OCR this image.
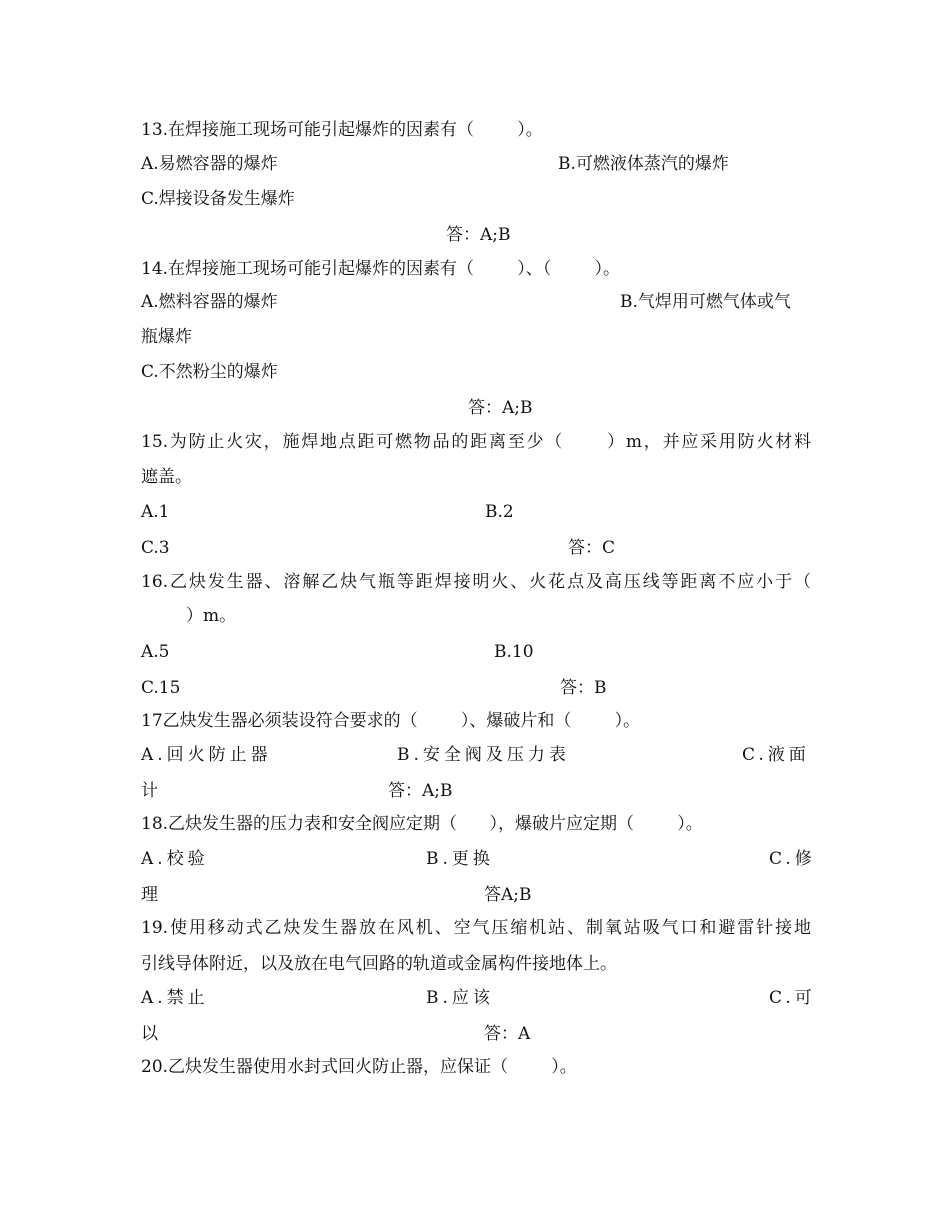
13.在焊接施工现场可能引起爆炸的因素有（        ）。
A.易燃容器的爆炸	B.可燃液体蒸汽的爆炸
C.焊接设备发生爆炸
答：A;B
14.在焊接施工现场可能引起爆炸的因素有（        ）、（        ）。
A.燃料容器的爆炸	B.气焊用可燃气体或气
瓶爆炸
C.不然粉尘的爆炸
答：A;B
15.为防止火灾，施焊地点距可燃物品的距离至少（      ）m，并应采用防火材料
遮盖。
A.1	B.2
C.3	答：C
16.乙炔发生器、溶解乙炔气瓶等距焊接明火、火花点及高压线等距离不应小于（
）m。
A.5	B.10
C.15	答：B
17乙炔发生器必须装设符合要求的（        ）、爆破片和（        ）。
A.回火防止器	B.安全阀及压力表	C.液面
计	答：A;B
18.乙炔发生器的压力表和安全阀应定期（      ），爆破片应定期（        ）。
A.校验	B.更换	C.修
理	答A;B
19.使用移动式乙炔发生器放在风机、空气压缩机站、制氧站吸气口和避雷针接地
引线导体附近，以及放在电气回路的轨道或金属构件接地体上。
A.禁止	B.应该	C.可
以	答：A
20.乙炔发生器使用水封式回火防止器，应保证（        ）。
